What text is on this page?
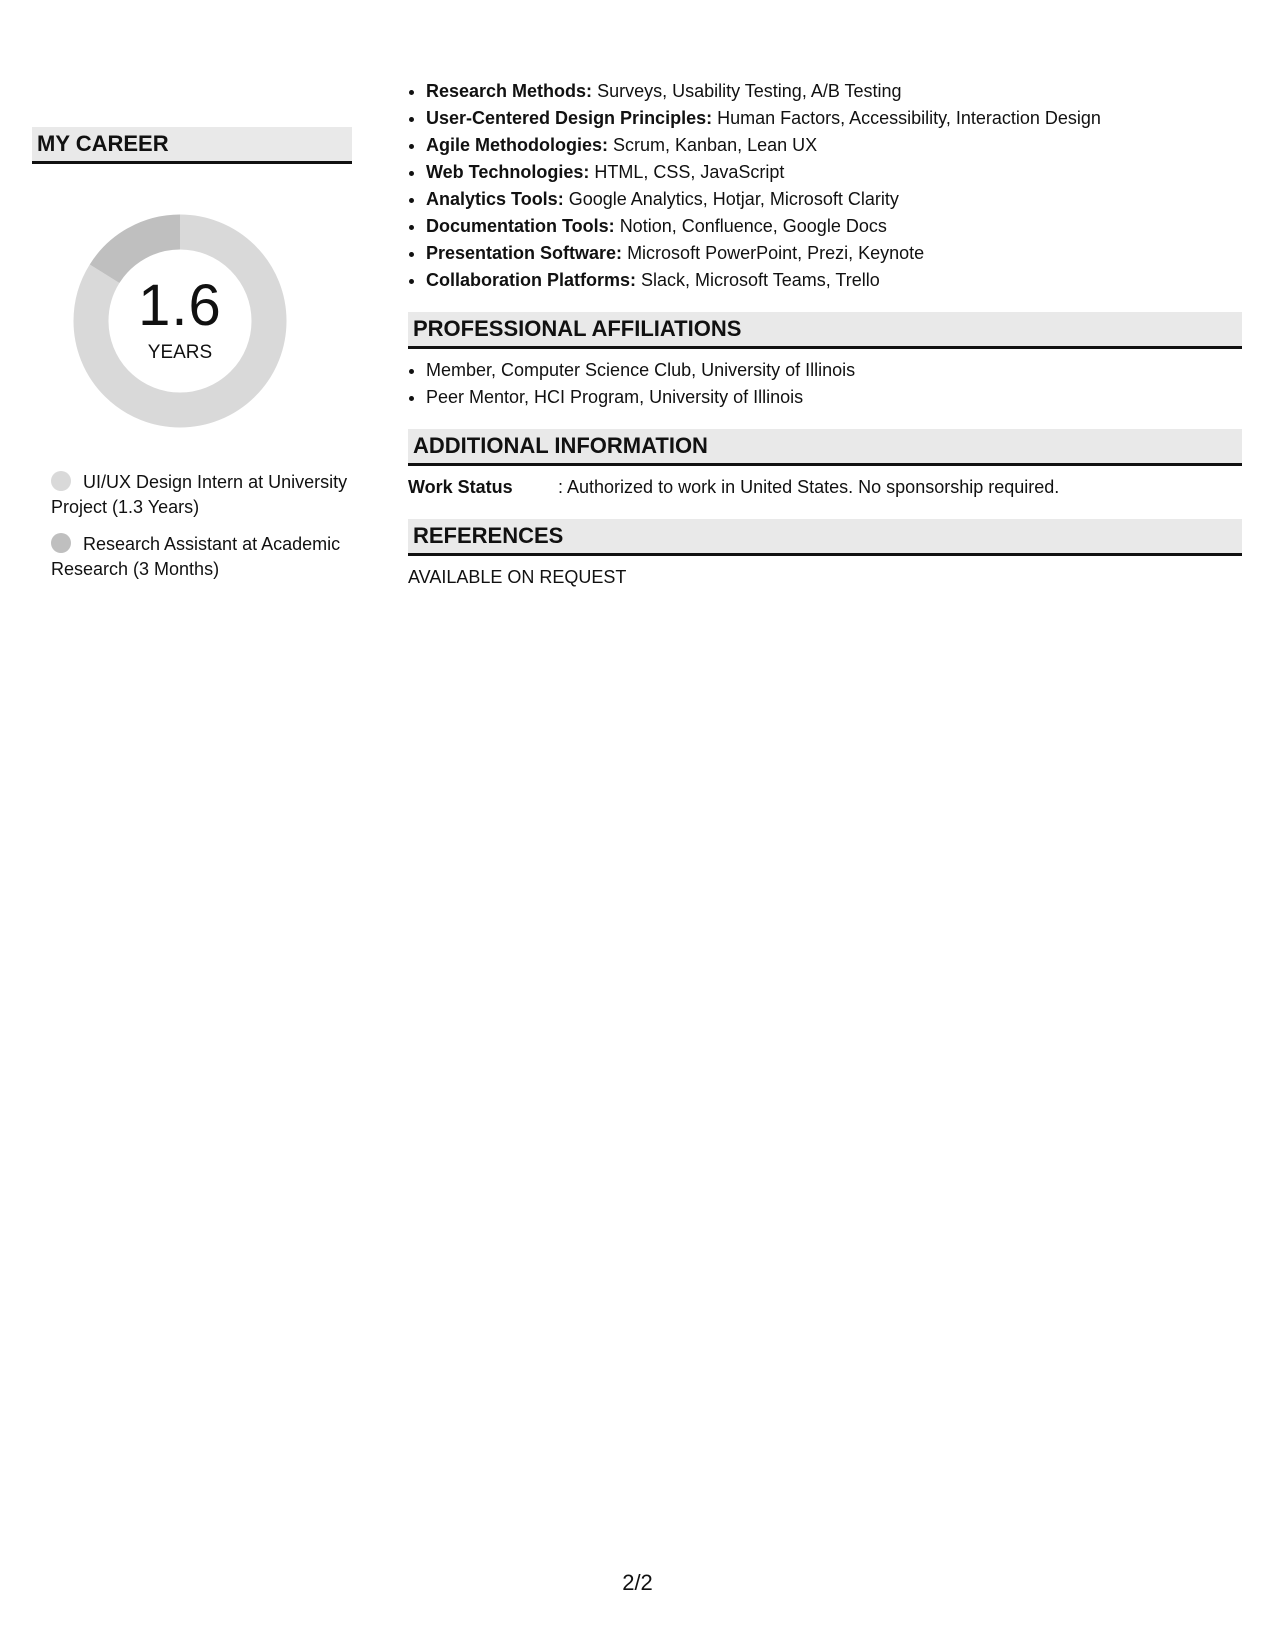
MY CAREER
1.6
YEARS
UI/UX Design Intern at University Project (1.3 Years)
Research Assistant at Academic Research (3 Months)
• Research Methods: Surveys, Usability Testing, A/B Testing
• User-Centered Design Principles: Human Factors, Accessibility, Interaction Design
• Agile Methodologies: Scrum, Kanban, Lean UX
• Web Technologies: HTML, CSS, JavaScript
• Analytics Tools: Google Analytics, Hotjar, Microsoft Clarity
• Documentation Tools: Notion, Confluence, Google Docs
• Presentation Software: Microsoft PowerPoint, Prezi, Keynote
• Collaboration Platforms: Slack, Microsoft Teams, Trello
PROFESSIONAL AFFILIATIONS
• Member, Computer Science Club, University of Illinois
• Peer Mentor, HCI Program, University of Illinois
ADDITIONAL INFORMATION
Work Status	: Authorized to work in United States. No sponsorship required.
REFERENCES
AVAILABLE ON REQUEST
2/2
